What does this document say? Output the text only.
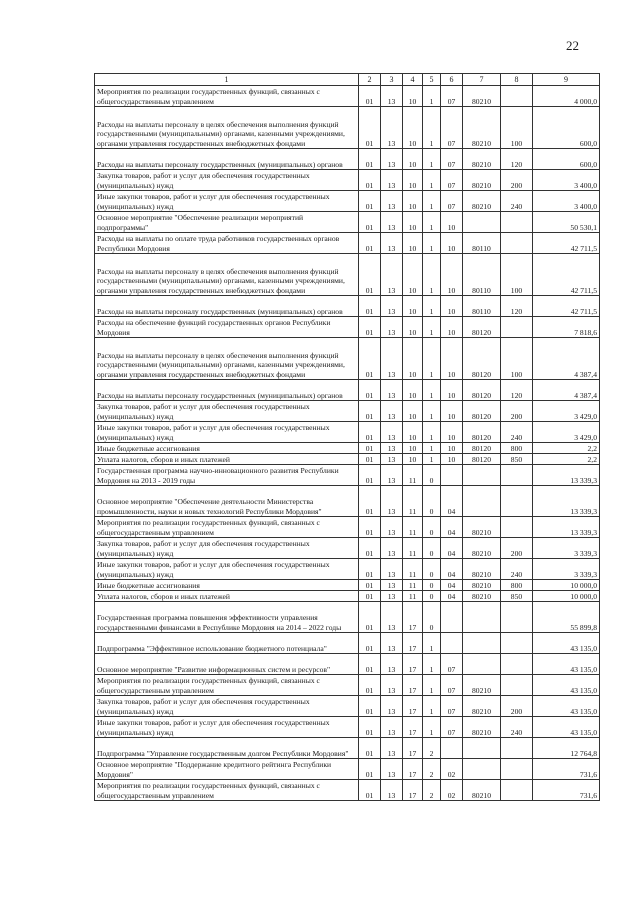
22
1	2	3	4	5	6	7	8	9
Мероприятия по реализации государственных функций, связанных с общегосударственным управлением	01	13	10	1	07	80210		4 000,0
Расходы на выплаты персоналу в целях обеспечения выполнения функций государственными (муниципальными) органами, казенными учреждениями, органами управления государственных внебюджетных фондами	01	13	10	1	07	80210	100	600,0
Расходы на выплаты персоналу государственных (муниципальных) органов	01	13	10	1	07	80210	120	600,0
Закупка товаров, работ и услуг для обеспечения государственных (муниципальных) нужд	01	13	10	1	07	80210	200	3 400,0
Иные закупки товаров, работ и услуг для обеспечения государственных (муниципальных) нужд	01	13	10	1	07	80210	240	3 400,0
Основное мероприятие "Обеспечение реализации мероприятий подпрограммы"	01	13	10	1	10			50 530,1
Расходы на выплаты по оплате труда работников государственных органов Республики Мордовия	01	13	10	1	10	80110		42 711,5
Расходы на выплаты персоналу в целях обеспечения выполнения функций государственными (муниципальными) органами, казенными учреждениями, органами управления государственных внебюджетных фондами	01	13	10	1	10	80110	100	42 711,5
Расходы на выплаты персоналу государственных (муниципальных) органов	01	13	10	1	10	80110	120	42 711,5
Расходы на обеспечение функций государственных органов Республики Мордовия	01	13	10	1	10	80120		7 818,6
Расходы на выплаты персоналу в целях обеспечения выполнения функций государственными (муниципальными) органами, казенными учреждениями, органами управления государственных внебюджетных фондами	01	13	10	1	10	80120	100	4 387,4
Расходы на выплаты персоналу государственных (муниципальных) органов	01	13	10	1	10	80120	120	4 387,4
Закупка товаров, работ и услуг для обеспечения государственных (муниципальных) нужд	01	13	10	1	10	80120	200	3 429,0
Иные закупки товаров, работ и услуг для обеспечения государственных (муниципальных) нужд	01	13	10	1	10	80120	240	3 429,0
Иные бюджетные ассигнования	01	13	10	1	10	80120	800	2,2
Уплата налогов, сборов и иных платежей	01	13	10	1	10	80120	850	2,2
Государственная программа научно-инновационного развития Республики Мордовия на 2013 - 2019 годы	01	13	11	0				13 339,3
Основное мероприятие "Обеспечение деятельности Министерства промышленности, науки и новых технологий Республики Мордовия"	01	13	11	0	04			13 339,3
Мероприятия по реализации государственных функций, связанных с общегосударственным управлением	01	13	11	0	04	80210		13 339,3
Закупка товаров, работ и услуг для обеспечения государственных (муниципальных) нужд	01	13	11	0	04	80210	200	3 339,3
Иные закупки товаров, работ и услуг для обеспечения государственных (муниципальных) нужд	01	13	11	0	04	80210	240	3 339,3
Иные бюджетные ассигнования	01	13	11	0	04	80210	800	10 000,0
Уплата налогов, сборов и иных платежей	01	13	11	0	04	80210	850	10 000,0
Государственная программа повышения эффективности управления государственными финансами в Республике Мордовия на 2014 – 2022 годы	01	13	17	0				55 899,8
Подпрограмма "Эффективное использование бюджетного потенциала"	01	13	17	1				43 135,0
Основное мероприятие "Развитие информационных систем и ресурсов"	01	13	17	1	07			43 135,0
Мероприятия по реализации государственных функций, связанных с общегосударственным управлением	01	13	17	1	07	80210		43 135,0
Закупка товаров, работ и услуг для обеспечения государственных (муниципальных) нужд	01	13	17	1	07	80210	200	43 135,0
Иные закупки товаров, работ и услуг для обеспечения государственных (муниципальных) нужд	01	13	17	1	07	80210	240	43 135,0
Подпрограмма "Управление государственным долгом Республики Мордовия"	01	13	17	2				12 764,8
Основное мероприятие "Поддержание кредитного рейтинга Республики Мордовия"	01	13	17	2	02			731,6
Мероприятия по реализации государственных функций, связанных с общегосударственным управлением	01	13	17	2	02	80210		731,6
